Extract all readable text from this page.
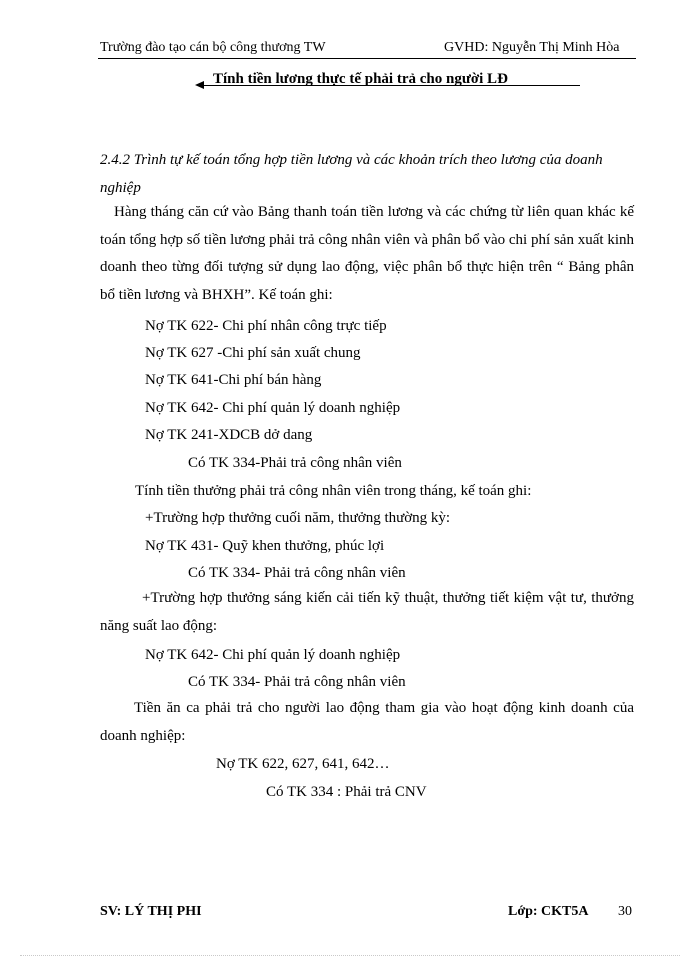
Trường đào tạo cán bộ công thương TW	GVHD: Nguyễn Thị Minh Hòa
Tính tiền lương thực tế phải trả cho người LĐ
2.4.2 Trình tự kế toán tổng hợp tiền lương và các khoản trích theo lương của doanh nghiệp
Hàng tháng căn cứ vào Bảng thanh toán tiền lương và các chứng từ liên quan khác kế toán tổng hợp số tiền lương phải trả công nhân viên và phân bổ vào chi phí sản xuất kinh doanh theo từng đối tượng sử dụng lao động, việc phân bổ thực hiện trên “ Bảng phân bổ tiền lương và BHXH”. Kế toán ghi:
Nợ TK 622- Chi phí nhân công trực tiếp
Nợ TK 627 -Chi phí sản xuất chung
Nợ TK 641-Chi phí bán hàng
Nợ TK 642- Chi phí quản lý doanh nghiệp
Nợ TK 241-XDCB dở dang
Có TK 334-Phải trả công nhân viên
Tính tiền thưởng phải trả công nhân viên trong tháng, kế toán ghi:
+Trường hợp thưởng cuối năm, thưởng thường kỳ:
Nợ TK 431- Quỹ khen thưởng, phúc lợi
Có TK 334- Phải trả công nhân viên
+Trường hợp thưởng sáng kiến cải tiến kỹ thuật, thưởng tiết kiệm vật tư, thưởng năng suất lao động:
Nợ TK 642- Chi phí quản lý doanh nghiệp
Có TK 334- Phải trả công nhân viên
Tiền ăn ca phải trả cho người lao động tham gia vào hoạt động kinh doanh của doanh nghiệp:
Nợ TK 622, 627, 641, 642…
Có TK 334 : Phải trả CNV
SV: LÝ THỊ PHI	Lớp: CKT5A 30
